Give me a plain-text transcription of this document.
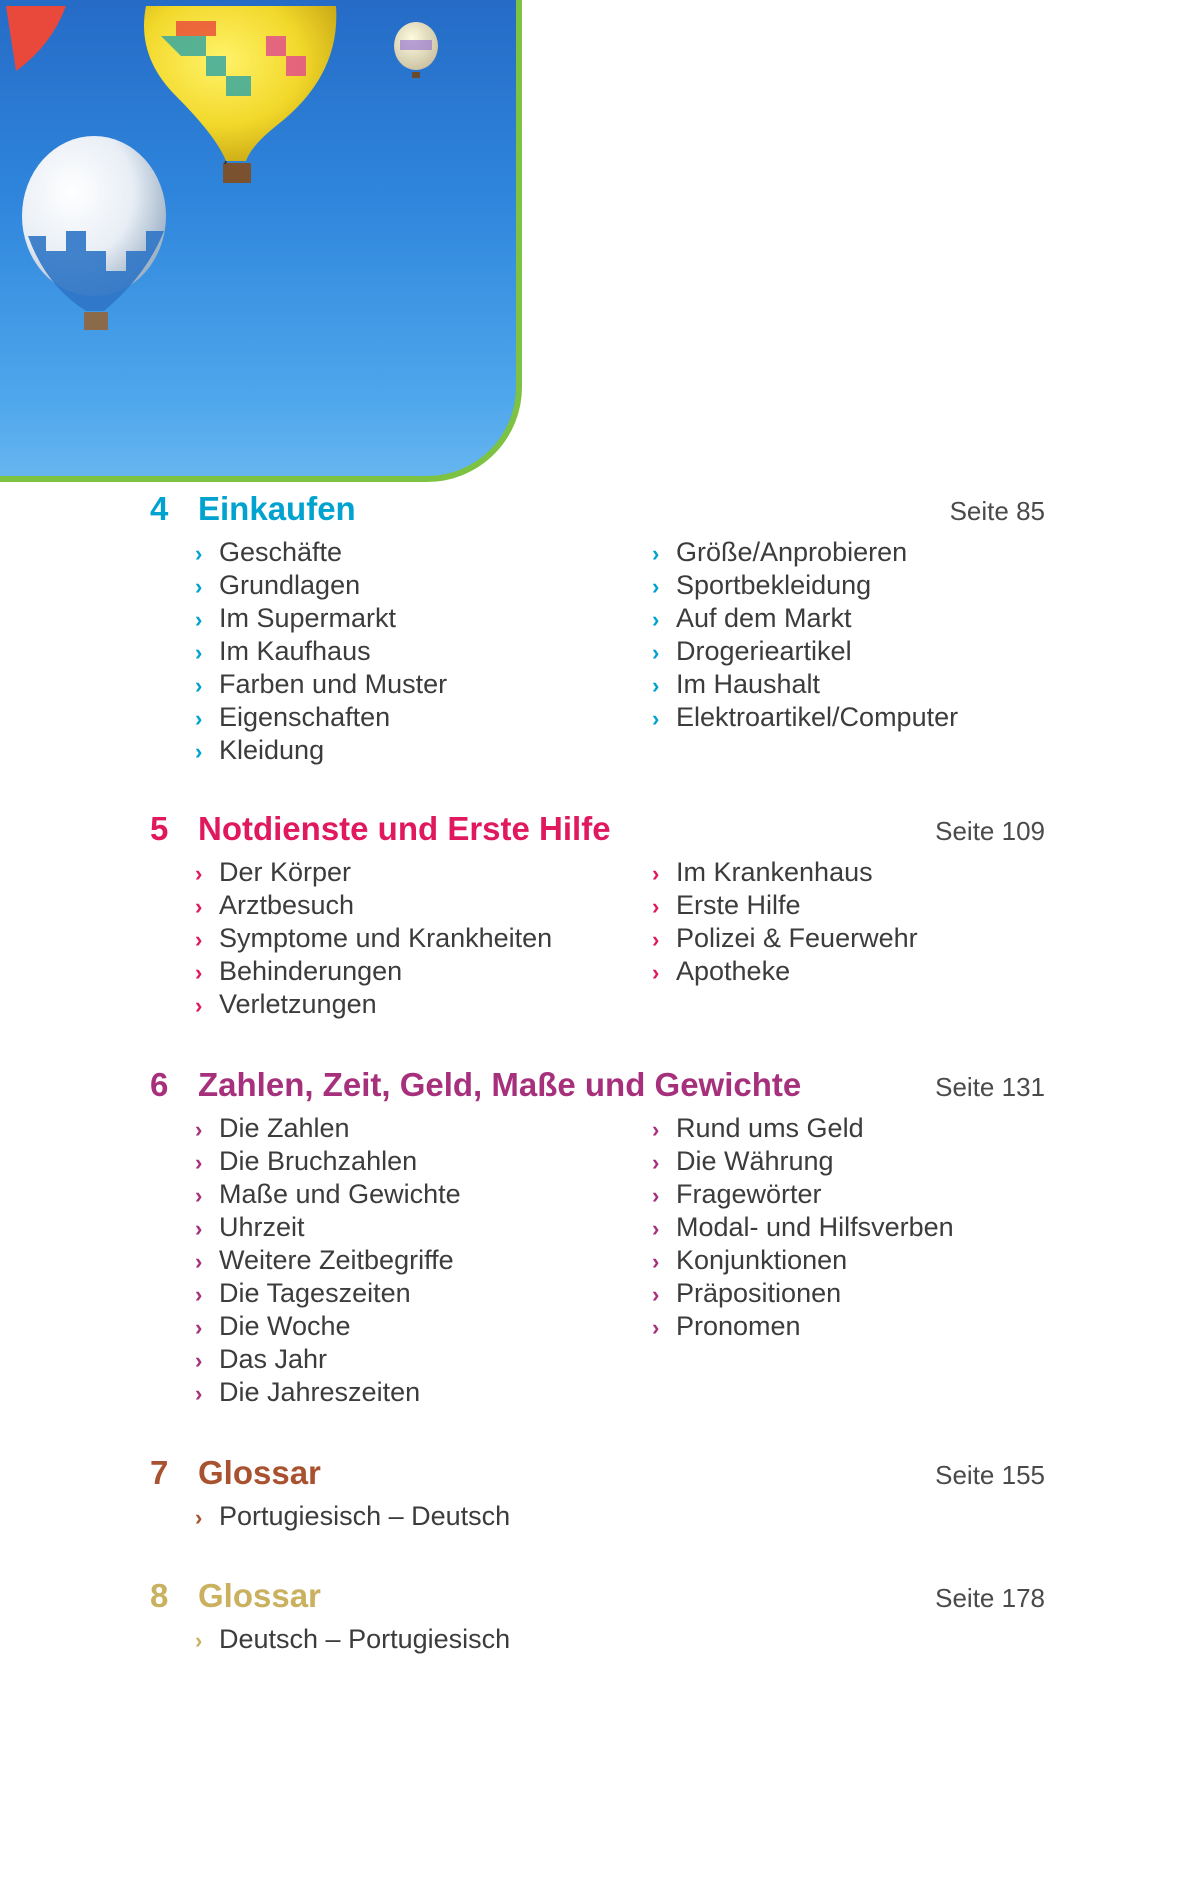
4 Einkaufen	Seite 85
› Geschäfte
› Grundlagen
› Im Supermarkt
› Im Kaufhaus
› Farben und Muster
› Eigenschaften
› Kleidung
› Größe/Anprobieren
› Sportbekleidung
› Auf dem Markt
› Drogerieartikel
› Im Haushalt
› Elektroartikel/Computer
5 Notdienste und Erste Hilfe	Seite 109
› Der Körper
› Arztbesuch
› Symptome und Krankheiten
› Behinderungen
› Verletzungen
› Im Krankenhaus
› Erste Hilfe
› Polizei & Feuerwehr
› Apotheke
6 Zahlen, Zeit, Geld, Maße und Gewichte	Seite 131
› Die Zahlen
› Die Bruchzahlen
› Maße und Gewichte
› Uhrzeit
› Weitere Zeitbegriffe
› Die Tageszeiten
› Die Woche
› Das Jahr
› Die Jahreszeiten
› Rund ums Geld
› Die Währung
› Fragewörter
› Modal- und Hilfsverben
› Konjunktionen
› Präpositionen
› Pronomen
7 Glossar	Seite 155
› Portugiesisch – Deutsch
8 Glossar	Seite 178
› Deutsch – Portugiesisch
